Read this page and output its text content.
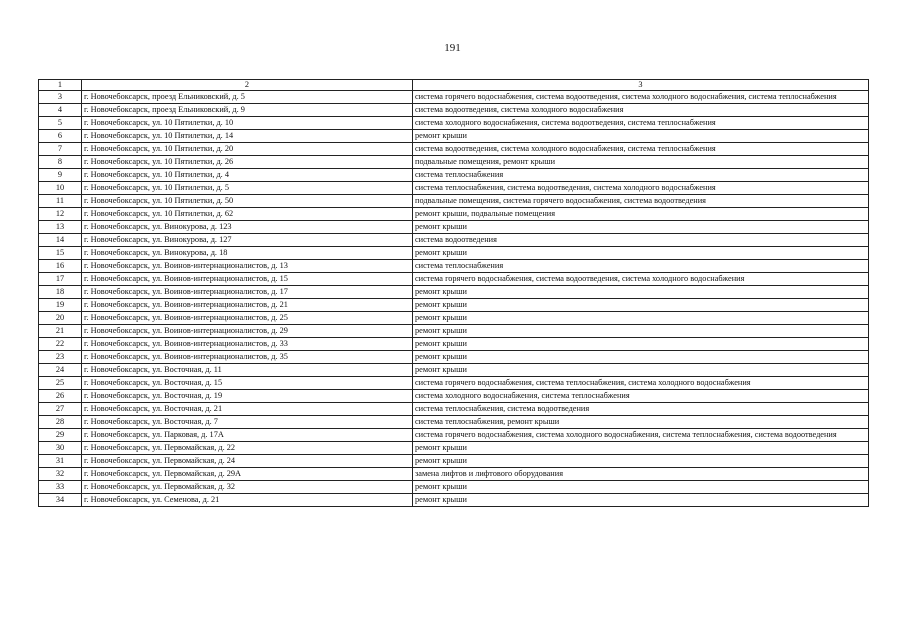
191
1	2	3
3	г. Новочебоксарск, проезд Ельниковский, д. 5	система горячего водоснабжения, система водоотведения, система холодного водоснабжения, система теплоснабжения
4	г. Новочебоксарск, проезд Ельниковский, д. 9	система водоотведения, система холодного водоснабжения
5	г. Новочебоксарск, ул. 10 Пятилетки, д. 10	система холодного водоснабжения, система водоотведения, система теплоснабжения
6	г. Новочебоксарск, ул. 10 Пятилетки, д. 14	ремонт крыши
7	г. Новочебоксарск, ул. 10 Пятилетки, д. 20	система водоотведения, система холодного водоснабжения, система теплоснабжения
8	г. Новочебоксарск, ул. 10 Пятилетки, д. 26	подвальные помещения, ремонт крыши
9	г. Новочебоксарск, ул. 10 Пятилетки, д. 4	система теплоснабжения
10	г. Новочебоксарск, ул. 10 Пятилетки, д. 5	система теплоснабжения, система водоотведения, система холодного водоснабжения
11	г. Новочебоксарск, ул. 10 Пятилетки, д. 50	подвальные помещения, система горячего водоснабжения, система водоотведения
12	г. Новочебоксарск, ул. 10 Пятилетки, д. 62	ремонт крыши, подвальные помещения
13	г. Новочебоксарск, ул. Винокурова, д. 123	ремонт крыши
14	г. Новочебоксарск, ул. Винокурова, д. 127	система водоотведения
15	г. Новочебоксарск, ул. Винокурова, д. 18	ремонт крыши
16	г. Новочебоксарск, ул. Воинов-интернационалистов, д. 13	система теплоснабжения
17	г. Новочебоксарск, ул. Воинов-интернационалистов, д. 15	система горячего водоснабжения, система водоотведения, система холодного водоснабжения
18	г. Новочебоксарск, ул. Воинов-интернационалистов, д. 17	ремонт крыши
19	г. Новочебоксарск, ул. Воинов-интернационалистов, д. 21	ремонт крыши
20	г. Новочебоксарск, ул. Воинов-интернационалистов, д. 25	ремонт крыши
21	г. Новочебоксарск, ул. Воинов-интернационалистов, д. 29	ремонт крыши
22	г. Новочебоксарск, ул. Воинов-интернационалистов, д. 33	ремонт крыши
23	г. Новочебоксарск, ул. Воинов-интернационалистов, д. 35	ремонт крыши
24	г. Новочебоксарск, ул. Восточная, д. 11	ремонт крыши
25	г. Новочебоксарск, ул. Восточная, д. 15	система горячего водоснабжения, система теплоснабжения, система холодного водоснабжения
26	г. Новочебоксарск, ул. Восточная, д. 19	система холодного водоснабжения, система теплоснабжения
27	г. Новочебоксарск, ул. Восточная, д. 21	система теплоснабжения, система водоотведения
28	г. Новочебоксарск, ул. Восточная, д. 7	система теплоснабжения, ремонт крыши
29	г. Новочебоксарск, ул. Парковая, д. 17А	система горячего водоснабжения, система холодного водоснабжения, система теплоснабжения, система водоотведения
30	г. Новочебоксарск, ул. Первомайская, д. 22	ремонт крыши
31	г. Новочебоксарск, ул. Первомайская, д. 24	ремонт крыши
32	г. Новочебоксарск, ул. Первомайская, д. 29А	замена лифтов и лифтового оборудования
33	г. Новочебоксарск, ул. Первомайская, д. 32	ремонт крыши
34	г. Новочебоксарск, ул. Семенова, д. 21	ремонт крыши
